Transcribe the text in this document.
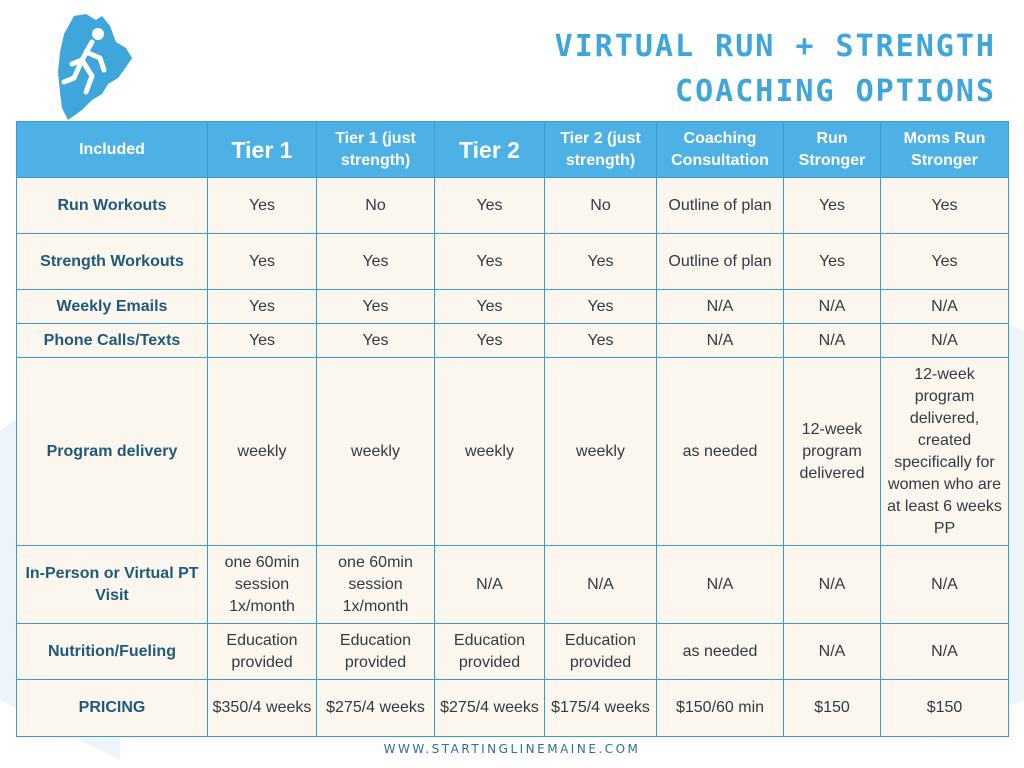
VIRTUAL RUN + STRENGTH
COACHING OPTIONS
Included	Tier 1	Tier 1 (just strength)	Tier 2	Tier 2 (just strength)	Coaching Consultation	Run Stronger	Moms Run Stronger
Run Workouts	Yes	No	Yes	No	Outline of plan	Yes	Yes
Strength Workouts	Yes	Yes	Yes	Yes	Outline of plan	Yes	Yes
Weekly Emails	Yes	Yes	Yes	Yes	N/A	N/A	N/A
Phone Calls/Texts	Yes	Yes	Yes	Yes	N/A	N/A	N/A
Program delivery	weekly	weekly	weekly	weekly	as needed	12-week program delivered	12-week program delivered, created specifically for women who are at least 6 weeks PP
In-Person or Virtual PT Visit	one 60min session 1x/month	one 60min session 1x/month	N/A	N/A	N/A	N/A	N/A
Nutrition/Fueling	Education provided	Education provided	Education provided	Education provided	as needed	N/A	N/A
PRICING	$350/4 weeks	$275/4 weeks	$275/4 weeks	$175/4 weeks	$150/60 min	$150	$150
WWW.STARTINGLINEMAINE.COM
